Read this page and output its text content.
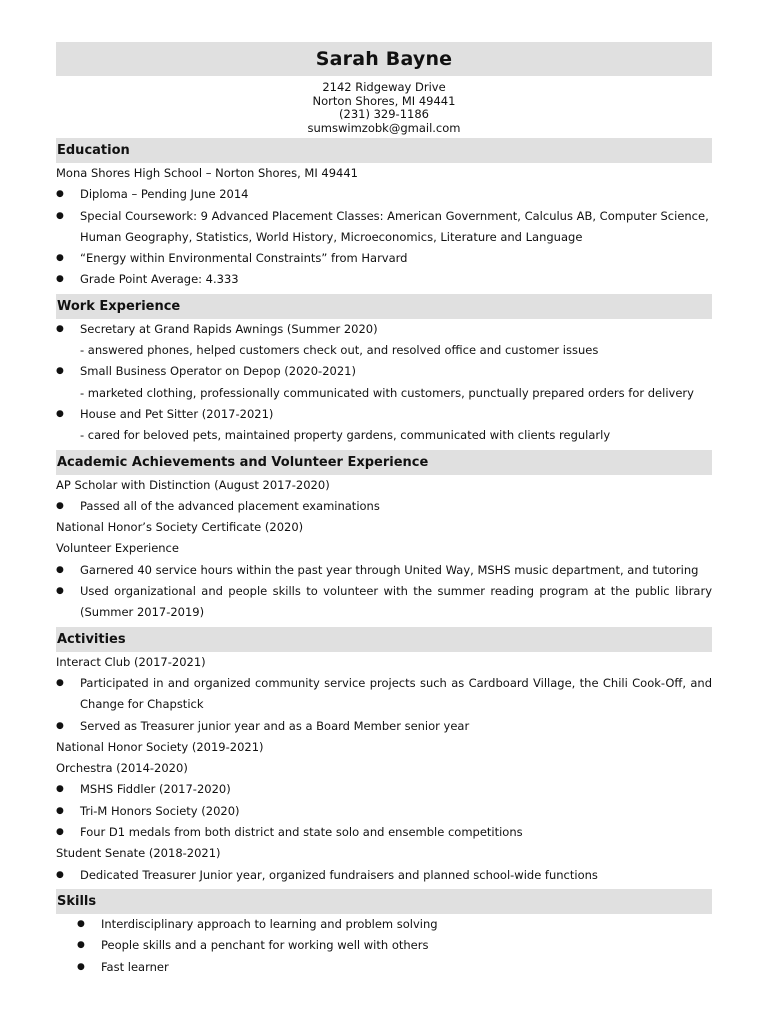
Sarah Bayne
2142 Ridgeway Drive
Norton Shores, MI 49441
(231) 329-1186
sumswimzobk@gmail.com
Education
Mona Shores High School – Norton Shores, MI 49441
●	Diploma – Pending June 2014
●	Special Coursework: 9 Advanced Placement Classes: American Government, Calculus AB, Computer Science, Human Geography, Statistics, World History, Microeconomics, Literature and Language
●	“Energy within Environmental Constraints” from Harvard
●	Grade Point Average: 4.333
Work Experience
●	Secretary at Grand Rapids Awnings (Summer 2020)
- answered phones, helped customers check out, and resolved office and customer issues
●	Small Business Operator on Depop (2020-2021)
- marketed clothing, professionally communicated with customers, punctually prepared orders for delivery
●	House and Pet Sitter (2017-2021)
- cared for beloved pets, maintained property gardens, communicated with clients regularly
Academic Achievements and Volunteer Experience
AP Scholar with Distinction (August 2017-2020)
●	Passed all of the advanced placement examinations
National Honor’s Society Certificate (2020)
Volunteer Experience
●	Garnered 40 service hours within the past year through United Way, MSHS music department, and tutoring
●	Used organizational and people skills to volunteer with the summer reading program at the public library (Summer 2017-2019)
Activities
Interact Club (2017-2021)
●	Participated in and organized community service projects such as Cardboard Village, the Chili Cook-Off, and Change for Chapstick
●	Served as Treasurer junior year and as a Board Member senior year
National Honor Society (2019-2021)
Orchestra (2014-2020)
●	MSHS Fiddler (2017-2020)
●	Tri-M Honors Society (2020)
●	Four D1 medals from both district and state solo and ensemble competitions
Student Senate (2018-2021)
●	Dedicated Treasurer Junior year, organized fundraisers and planned school-wide functions
Skills
●	Interdisciplinary approach to learning and problem solving
●	People skills and a penchant for working well with others
●	Fast learner
